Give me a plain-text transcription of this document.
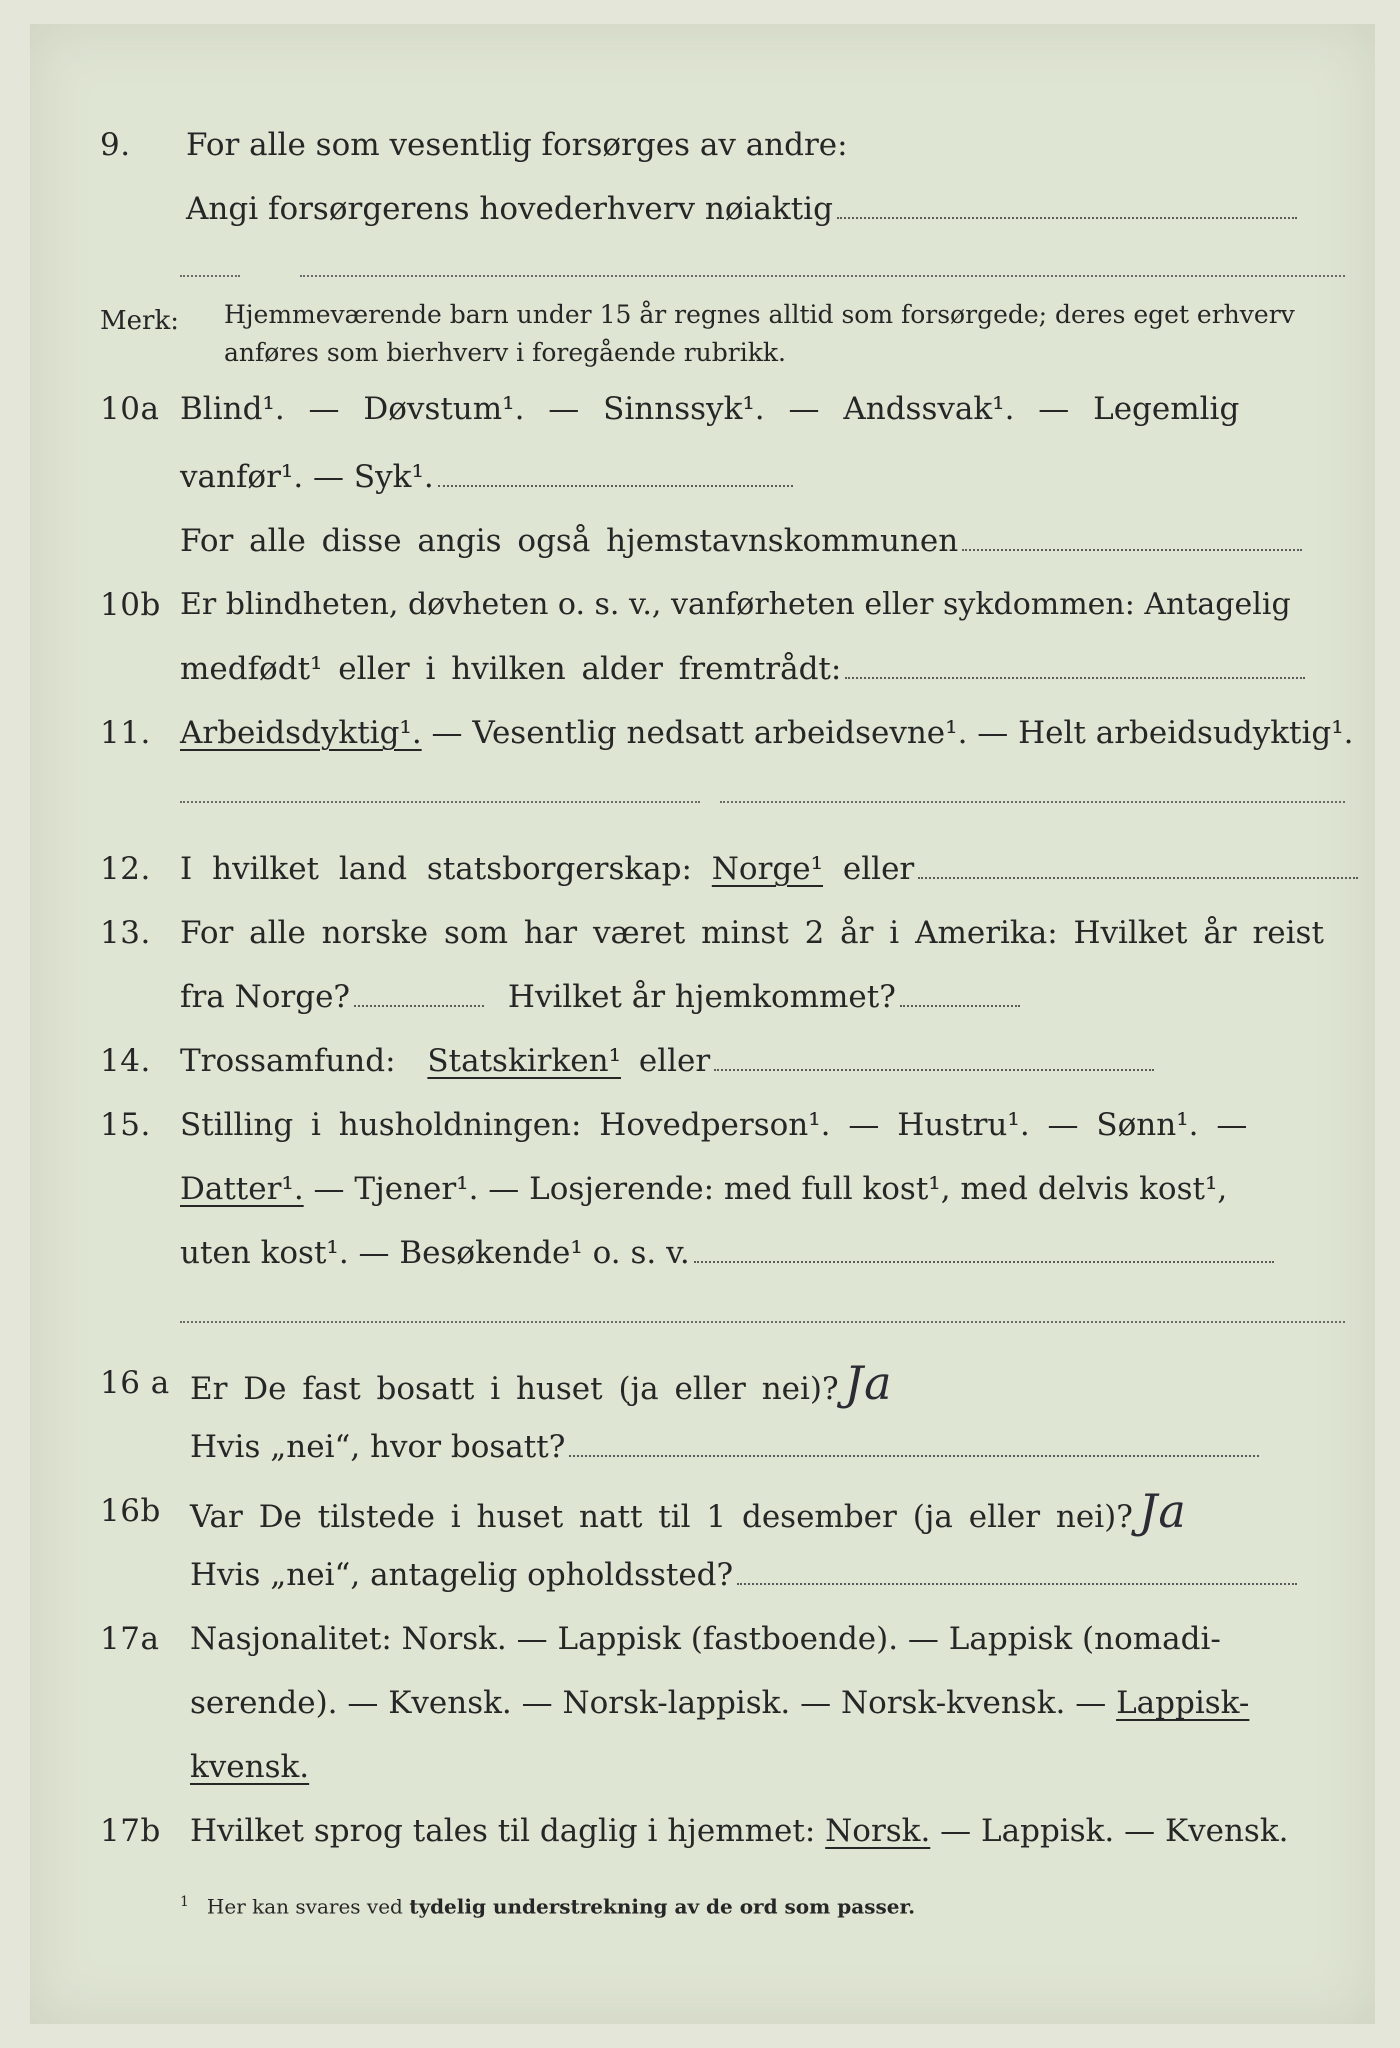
9.	For alle som vesentlig forsørges av andre:
Angi forsørgerens hovederhverv nøiaktig
Merk: Hjemmeværende barn under 15 år regnes alltid som forsørgede; deres eget erhverv anføres som bierhverv i foregående rubrikk.
10a Blind¹. — Døvstum¹. — Sinnssyk¹. — Andssvak¹. — Legemlig
vanfør¹. — Syk¹.
For alle disse angis også hjemstavnskommunen
10b Er blindheten, døvheten o. s. v., vanførheten eller sykdommen: Antagelig
medfødt¹ eller i hvilken alder fremtrådt:
11. Arbeidsdyktig¹. — Vesentlig nedsatt arbeidsevne¹. — Helt arbeidsudyktig¹.
12. I hvilket land statsborgerskap: Norge¹ eller
13. For alle norske som har været minst 2 år i Amerika: Hvilket år reist
fra Norge?	Hvilket år hjemkommet?
14. Trossamfund: Statskirken¹ eller
15. Stilling i husholdningen: Hovedperson¹. — Hustru¹. — Sønn¹. —
Datter¹. — Tjener¹. — Losjerende: med full kost¹, med delvis kost¹,
uten kost¹. — Besøkende¹ o. s. v.
16 a Er De fast bosatt i huset (ja eller nei)? Ja
Hvis „nei“, hvor bosatt?
16b Var De tilstede i huset natt til 1 desember (ja eller nei)? Ja
Hvis „nei“, antagelig opholdssted?
17a Nasjonalitet: Norsk. — Lappisk (fastboende). — Lappisk (nomadi-
serende). — Kvensk. — Norsk-lappisk. — Norsk-kvensk. — Lappisk-
kvensk.
17b Hvilket sprog tales til daglig i hjemmet: Norsk. — Lappisk. — Kvensk.
$^1$ Her kan svares ved tydelig understrekning av de ord som passer.
